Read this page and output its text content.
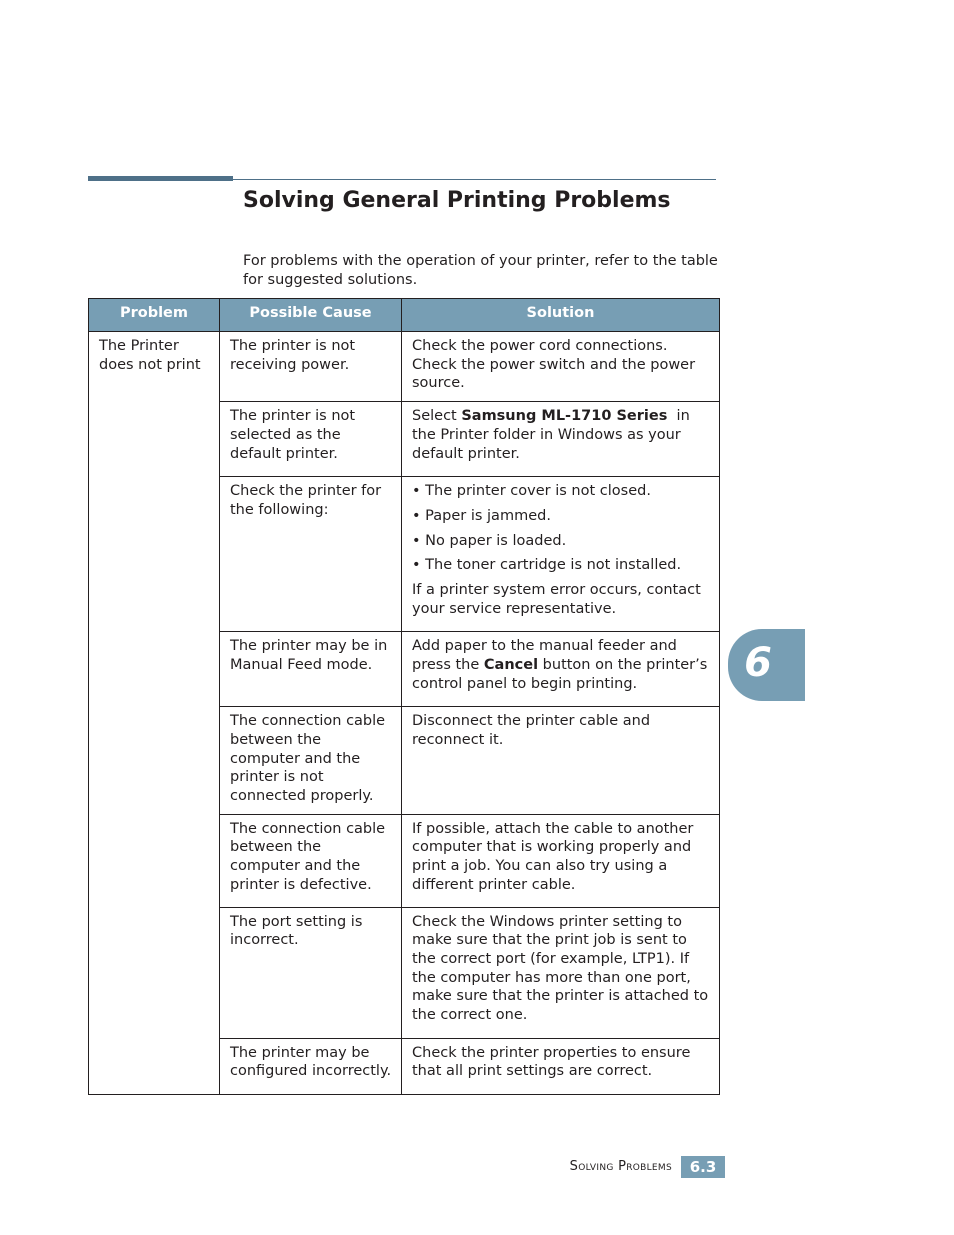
Solving General Printing Problems

For problems with the operation of your printer, refer to the table for suggested solutions.

Problem	Possible Cause	Solution

The Printer does not print	The printer is not receiving power.	Check the power cord connections. Check the power switch and the power source.

	The printer is not selected as the default printer.	Select Samsung ML-1710 Series  in the Printer folder in Windows as your default printer.

	Check the printer for the following:	• The printer cover is not closed.

• Paper is jammed.

• No paper is loaded.

• The toner cartridge is not installed.

If a printer system error occurs, contact your service representative.

	The printer may be in Manual Feed mode.	Add paper to the manual feeder and press the Cancel button on the printer’s control panel to begin printing.

	The connection cable between the computer and the printer is not connected properly.	Disconnect the printer cable and reconnect it.

	The connection cable between the computer and the printer is defective.	If possible, attach the cable to another computer that is working properly and print a job. You can also try using a different printer cable.

	The port setting is incorrect.	Check the Windows printer setting to make sure that the print job is sent to the correct port (for example, LTP1). If the computer has more than one port, make sure that the printer is attached to the correct one.

	The printer may be configured incorrectly.	Check the printer properties to ensure that all print settings are correct.

6
Solving Problems	6.3
